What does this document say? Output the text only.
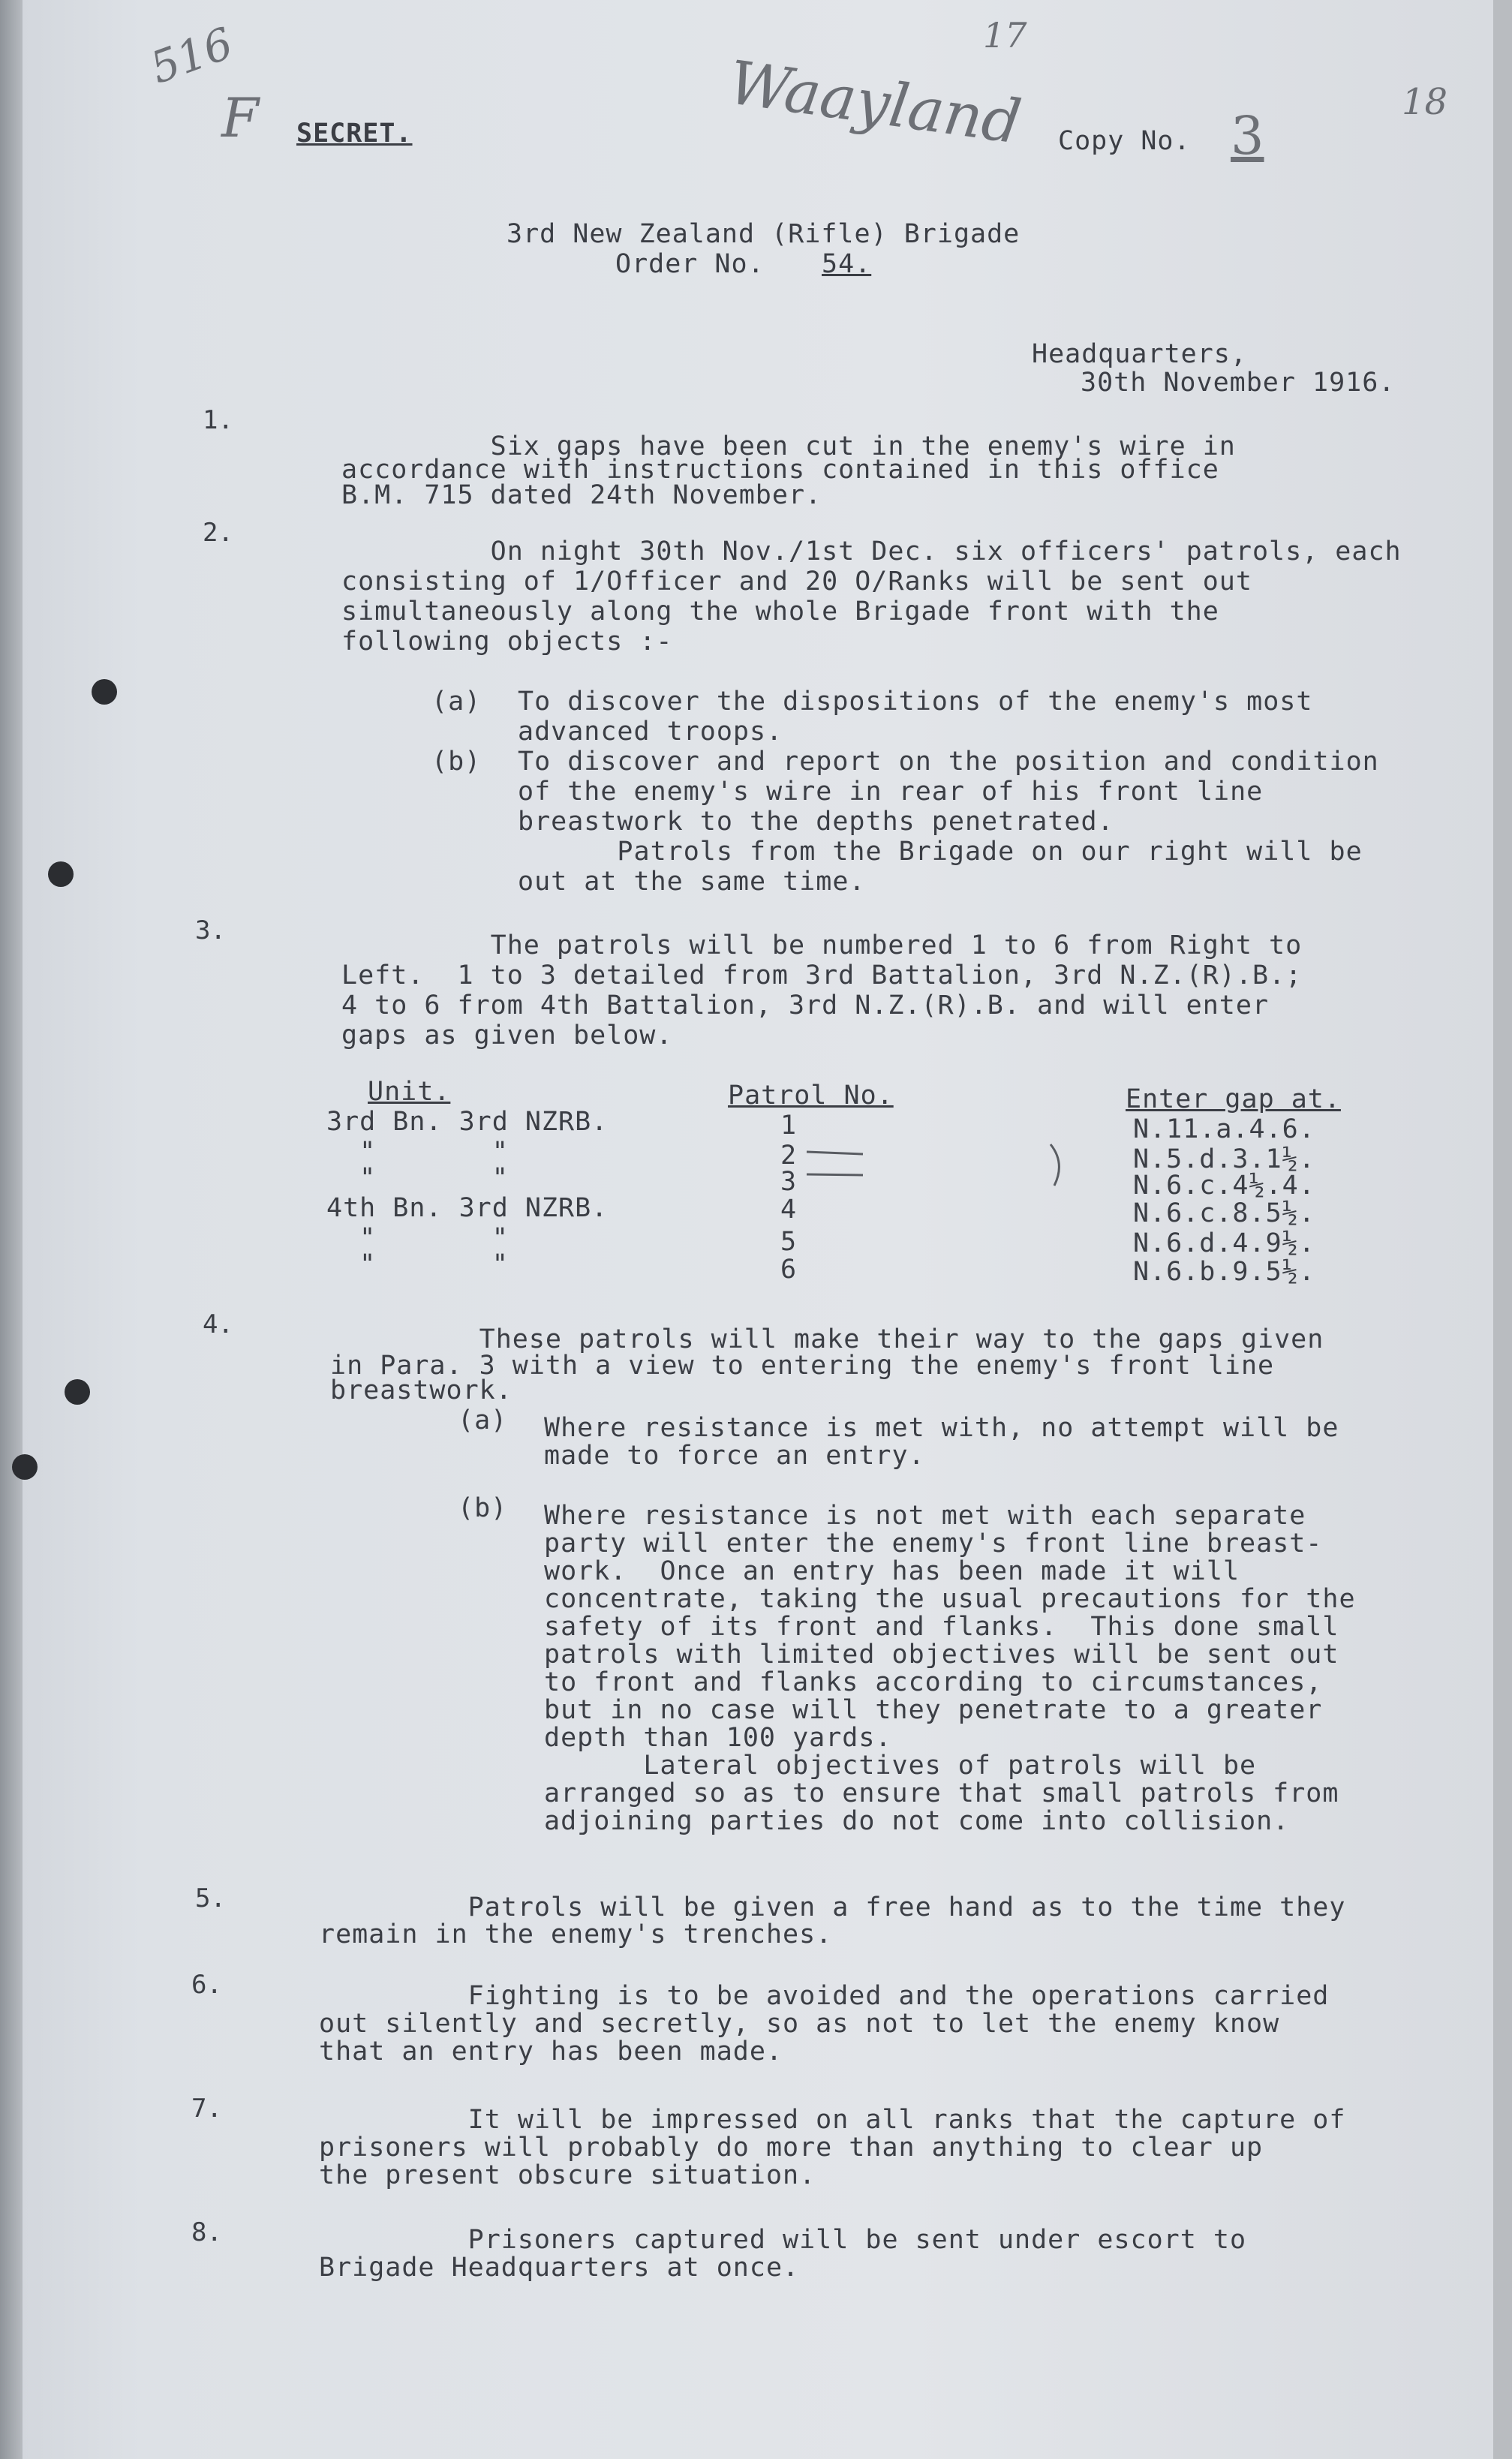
516
F	Waayland
17
18
SECRET.	Copy No. 3
3rd New Zealand (Rifle) Brigade
Order No. 54.
Headquarters,
30th November 1916.
1.
Six gaps have been cut in the enemy's wire in
accordance with instructions contained in this office
B.M. 715 dated 24th November.
2.
On night 30th Nov./1st Dec. six officers' patrols, each
consisting of 1/Officer and 20 O/Ranks will be sent out
simultaneously along the whole Brigade front with the
following objects :-
(a) To discover the dispositions of the enemy's most
advanced troops.
(b) To discover and report on the position and condition
of the enemy's wire in rear of his front line
breastwork to the depths penetrated.
Patrols from the Brigade on our right will be
out at the same time.
3.	The patrols will be numbered 1 to 6 from Right to
Left.  1 to 3 detailed from 3rd Battalion, 3rd N.Z.(R).B.;
4 to 6 from 4th Battalion, 3rd N.Z.(R).B. and will enter
gaps as given below.
Unit.	Patrol No.	Enter gap at.
3rd Bn. 3rd NZRB.	1	N.11.a.4.6.
"       "	2	N.5.d.3.1½.
"       "	3	N.6.c.4½.4.
4th Bn. 3rd NZRB.	4	N.6.c.8.5½.
"       "	5	N.6.d.4.9½.
"       "	6	N.6.b.9.5½.
4.	These patrols will make their way to the gaps given
in Para. 3 with a view to entering the enemy's front line
breastwork.
(a) Where resistance is met with, no attempt will be
made to force an entry.
(b) Where resistance is not met with each separate
party will enter the enemy's front line breast-
work.  Once an entry has been made it will
concentrate, taking the usual precautions for the
safety of its front and flanks.  This done small
patrols with limited objectives will be sent out
to front and flanks according to circumstances,
but in no case will they penetrate to a greater
depth than 100 yards.
Lateral objectives of patrols will be
arranged so as to ensure that small patrols from
adjoining parties do not come into collision.
5.	Patrols will be given a free hand as to the time they
remain in the enemy's trenches.
6.	Fighting is to be avoided and the operations carried
out silently and secretly, so as not to let the enemy know
that an entry has been made.
7.	It will be impressed on all ranks that the capture of
prisoners will probably do more than anything to clear up
the present obscure situation.
8.	Prisoners captured will be sent under escort to
Brigade Headquarters at once.
